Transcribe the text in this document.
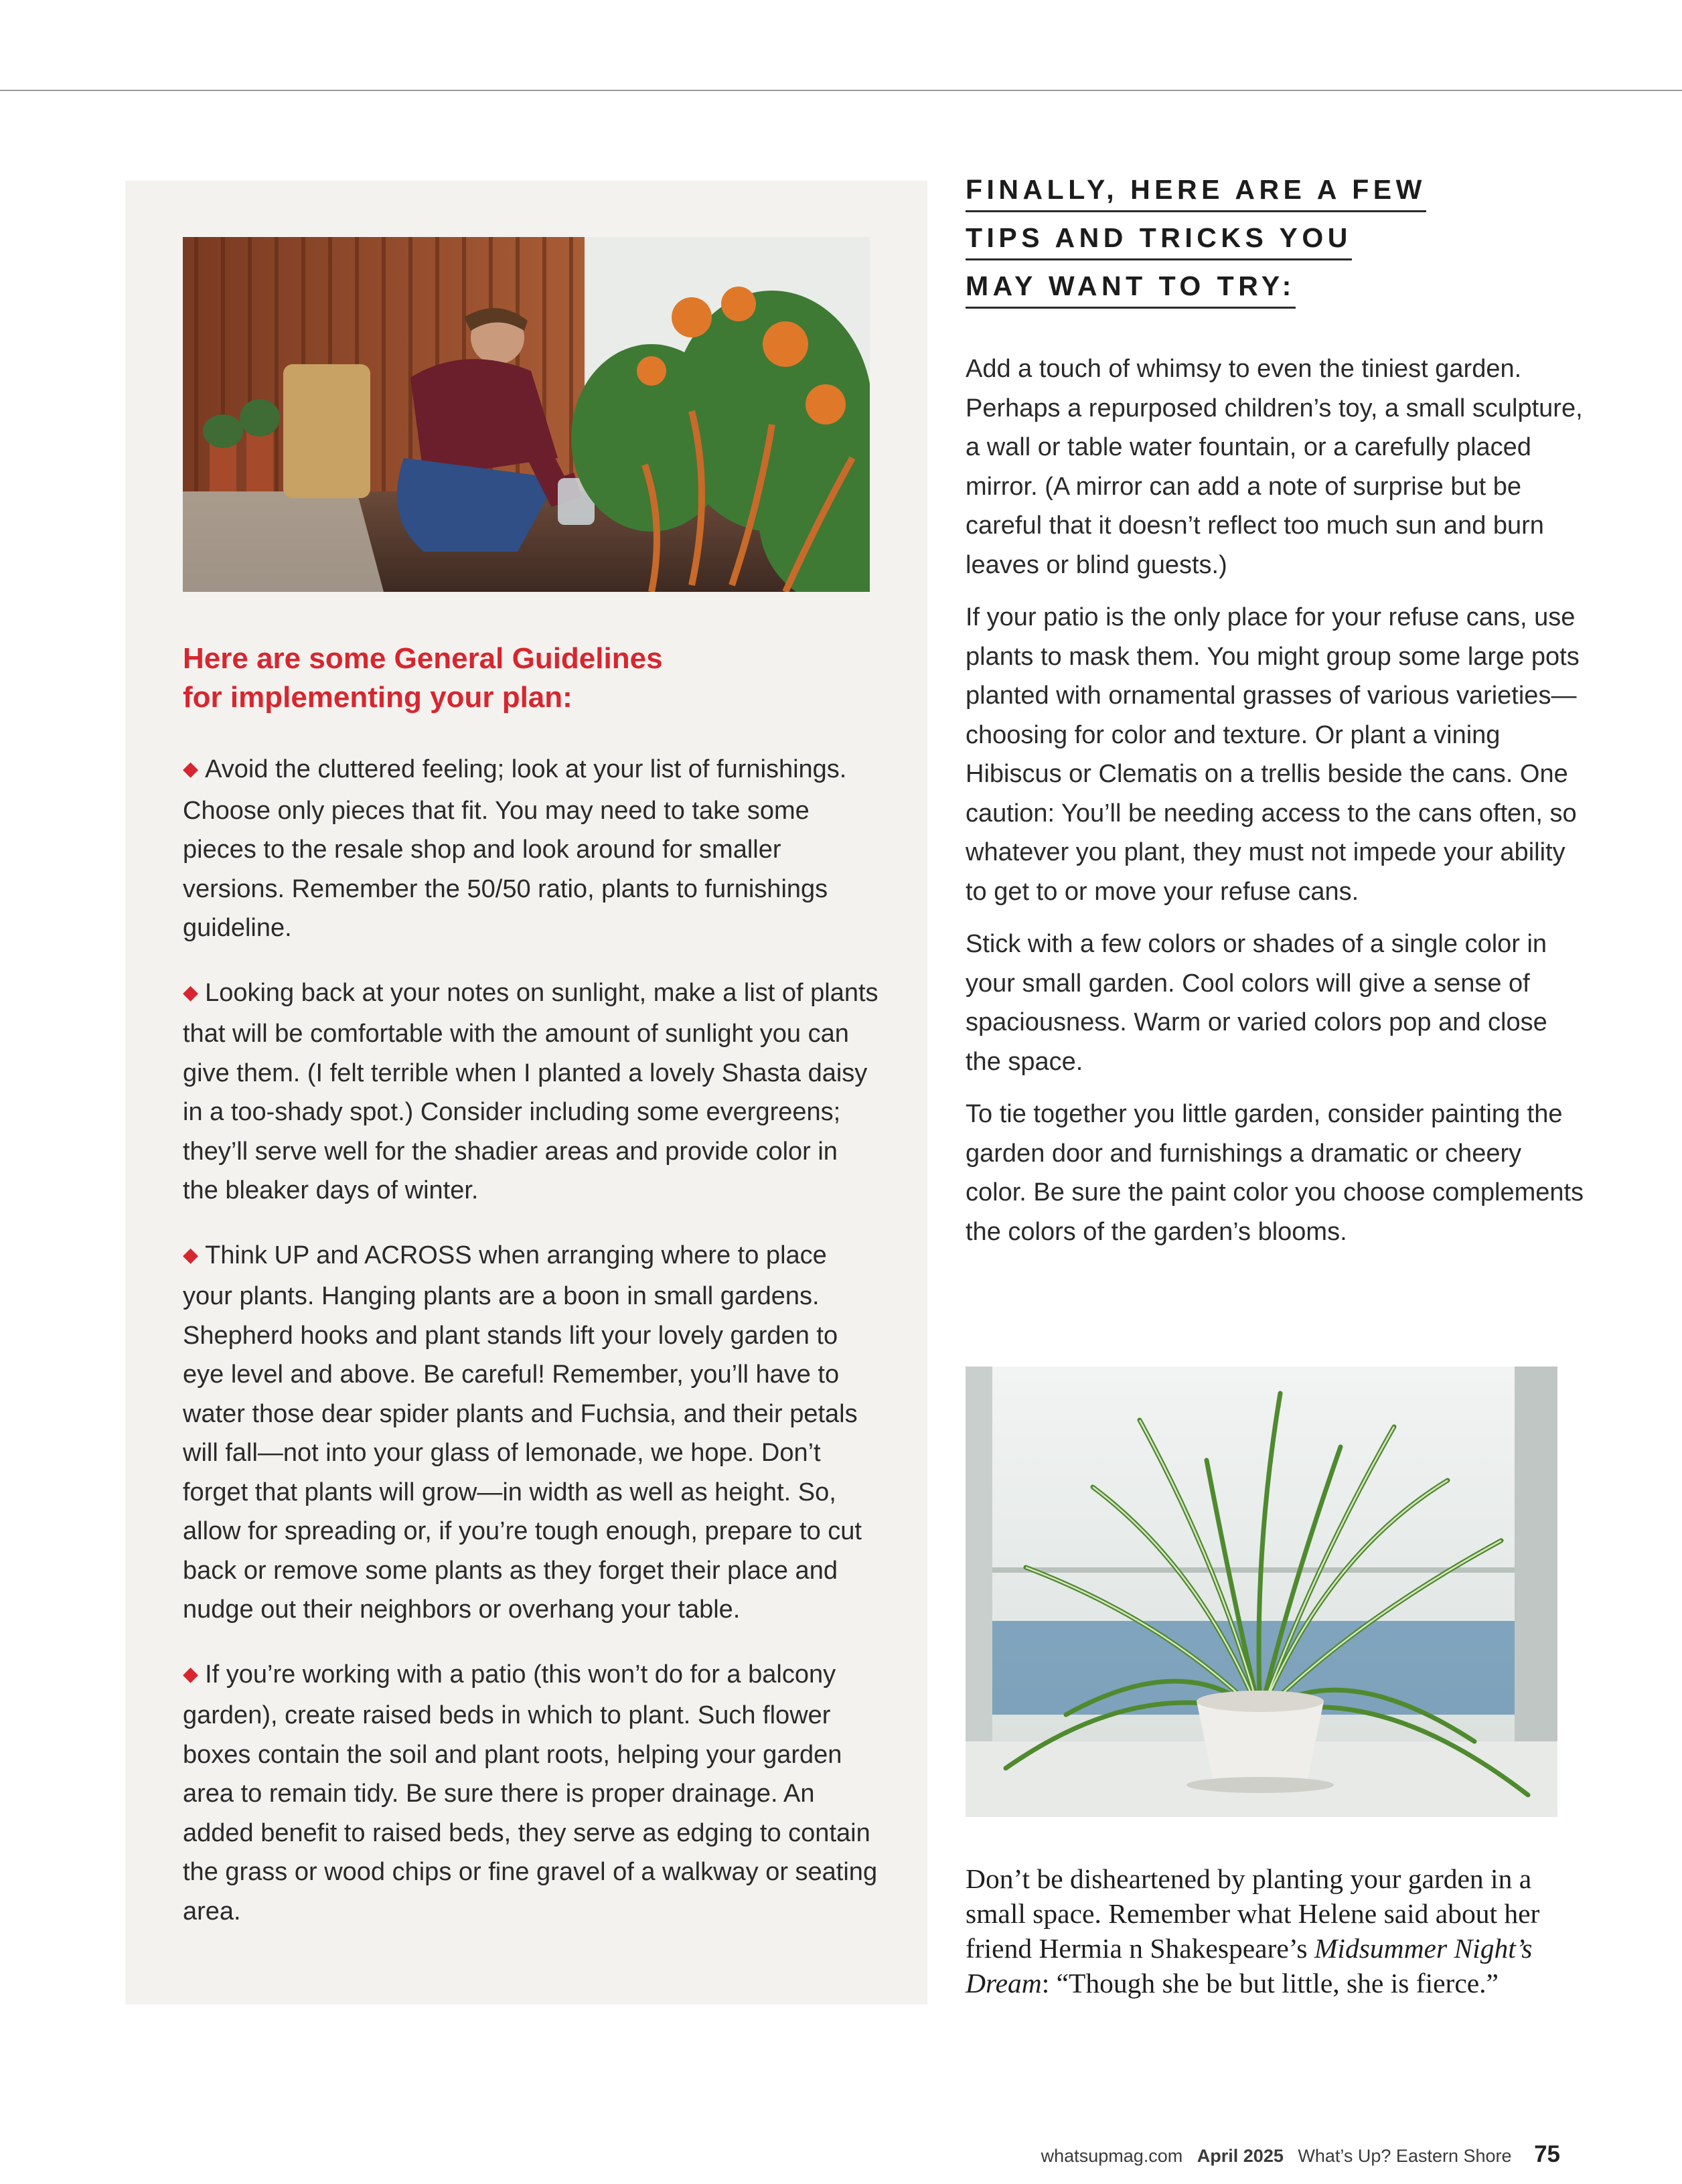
Here are some General Guidelines
for implementing your plan:
◆ Avoid the cluttered feeling; look at your list of furnishings. Choose only pieces that fit. You may need to take some pieces to the resale shop and look around for smaller versions. Remember the 50/50 ratio, plants to furnishings guideline.
◆ Looking back at your notes on sunlight, make a list of plants that will be comfortable with the amount of sunlight you can give them. (I felt terrible when I planted a lovely Shasta daisy in a too-shady spot.) Consider including some evergreens; they’ll serve well for the shadier areas and provide color in the bleaker days of winter.
◆ Think UP and ACROSS when arranging where to place your plants. Hanging plants are a boon in small gardens. Shepherd hooks and plant stands lift your lovely garden to eye level and above. Be careful! Remember, you’ll have to water those dear spider plants and Fuchsia, and their petals will fall—not into your glass of lemonade, we hope. Don’t forget that plants will grow—in width as well as height. So, allow for spreading or, if you’re tough enough, prepare to cut back or remove some plants as they forget their place and nudge out their neighbors or overhang your table.
◆ If you’re working with a patio (this won’t do for a balcony garden), create raised beds in which to plant. Such flower boxes contain the soil and plant roots, helping your garden area to remain tidy. Be sure there is proper drainage. An added benefit to raised beds, they serve as edging to contain the grass or wood chips or fine gravel of a walkway or seating area.
FINALLY, HERE ARE A FEW
TIPS AND TRICKS YOU
MAY WANT TO TRY:

Add a touch of whimsy to even the tiniest garden. Perhaps a repurposed children’s toy, a small sculpture, a wall or table water fountain, or a carefully placed mirror. (A mirror can add a note of surprise but be careful that it doesn’t reflect too much sun and burn leaves or blind guests.)

If your patio is the only place for your refuse cans, use plants to mask them. You might group some large pots planted with ornamental grasses of various varieties—choosing for color and texture. Or plant a vining Hibiscus or Clematis on a trellis beside the cans. One caution: You’ll be needing access to the cans often, so whatever you plant, they must not impede your ability to get to or move your refuse cans.

Stick with a few colors or shades of a single color in your small garden. Cool colors will give a sense of spaciousness. Warm or varied colors pop and close the space.

To tie together you little garden, consider painting the garden door and furnishings a dramatic or cheery color. Be sure the paint color you choose complements the colors of the garden’s blooms.

Don’t be disheartened by planting your garden in a small space. Remember what Helene said about her friend Hermia n Shakespeare’s Midsummer Night’s Dream: “Though she be but little, she is fierce.”

whatsupmag.com April 2025 What’s Up? Eastern Shore 75
